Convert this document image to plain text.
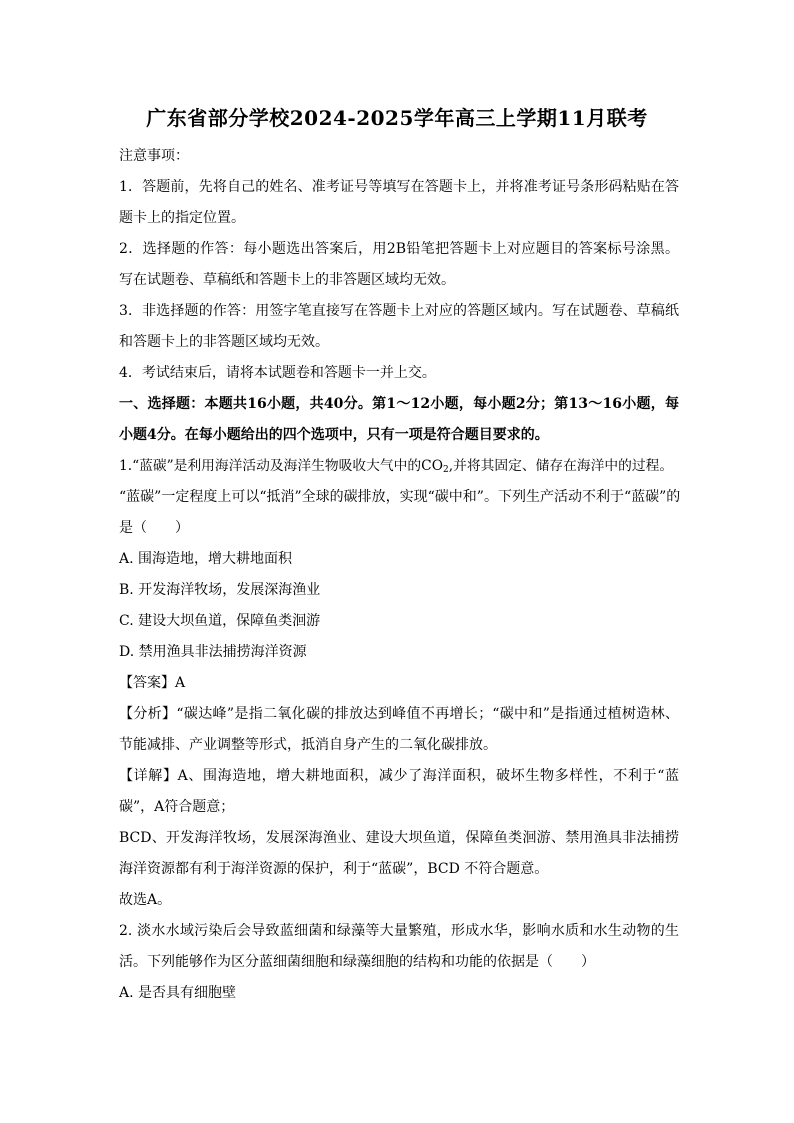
广东省部分学校2024-2025学年高三上学期11月联考
注意事项：
1．答题前，先将自己的姓名、准考证号等填写在答题卡上，并将准考证号条形码粘贴在答
题卡上的指定位置。
2．选择题的作答：每小题选出答案后，用2B铅笔把答题卡上对应题目的答案标号涂黑。
写在试题卷、草稿纸和答题卡上的非答题区域均无效。
3．非选择题的作答：用签字笔直接写在答题卡上对应的答题区域内。写在试题卷、草稿纸
和答题卡上的非答题区域均无效。
4．考试结束后，请将本试题卷和答题卡一并上交。
一、选择题：本题共16小题，共40分。第1～12小题，每小题2分；第13～16小题，每
小题4分。在每小题给出的四个选项中，只有一项是符合题目要求的。
1.“蓝碳”是利用海洋活动及海洋生物吸收大气中的$CO_2$,并将其固定、储存在海洋中的过程。
“蓝碳”一定程度上可以“抵消”全球的碳排放，实现“碳中和”。下列生产活动不利于“蓝碳”的
是（　　）
A. 围海造地，增大耕地面积
B. 开发海洋牧场，发展深海渔业
C. 建设大坝鱼道，保障鱼类洄游
D. 禁用渔具非法捕捞海洋资源
【答案】A
【分析】“碳达峰”是指二氧化碳的排放达到峰值不再增长；“碳中和”是指通过植树造林、
节能减排、产业调整等形式，抵消自身产生的二氧化碳排放。
【详解】A、围海造地，增大耕地面积，减少了海洋面积，破坏生物多样性，不利于“蓝
碳”，A符合题意；
BCD、开发海洋牧场，发展深海渔业、建设大坝鱼道，保障鱼类洄游、禁用渔具非法捕捞
海洋资源都有利于海洋资源的保护，利于“蓝碳”，BCD 不符合题意。
故选A。
2. 淡水水域污染后会导致蓝细菌和绿藻等大量繁殖，形成水华，影响水质和水生动物的生
活。下列能够作为区分蓝细菌细胞和绿藻细胞的结构和功能的依据是（　　）
A. 是否具有细胞壁
